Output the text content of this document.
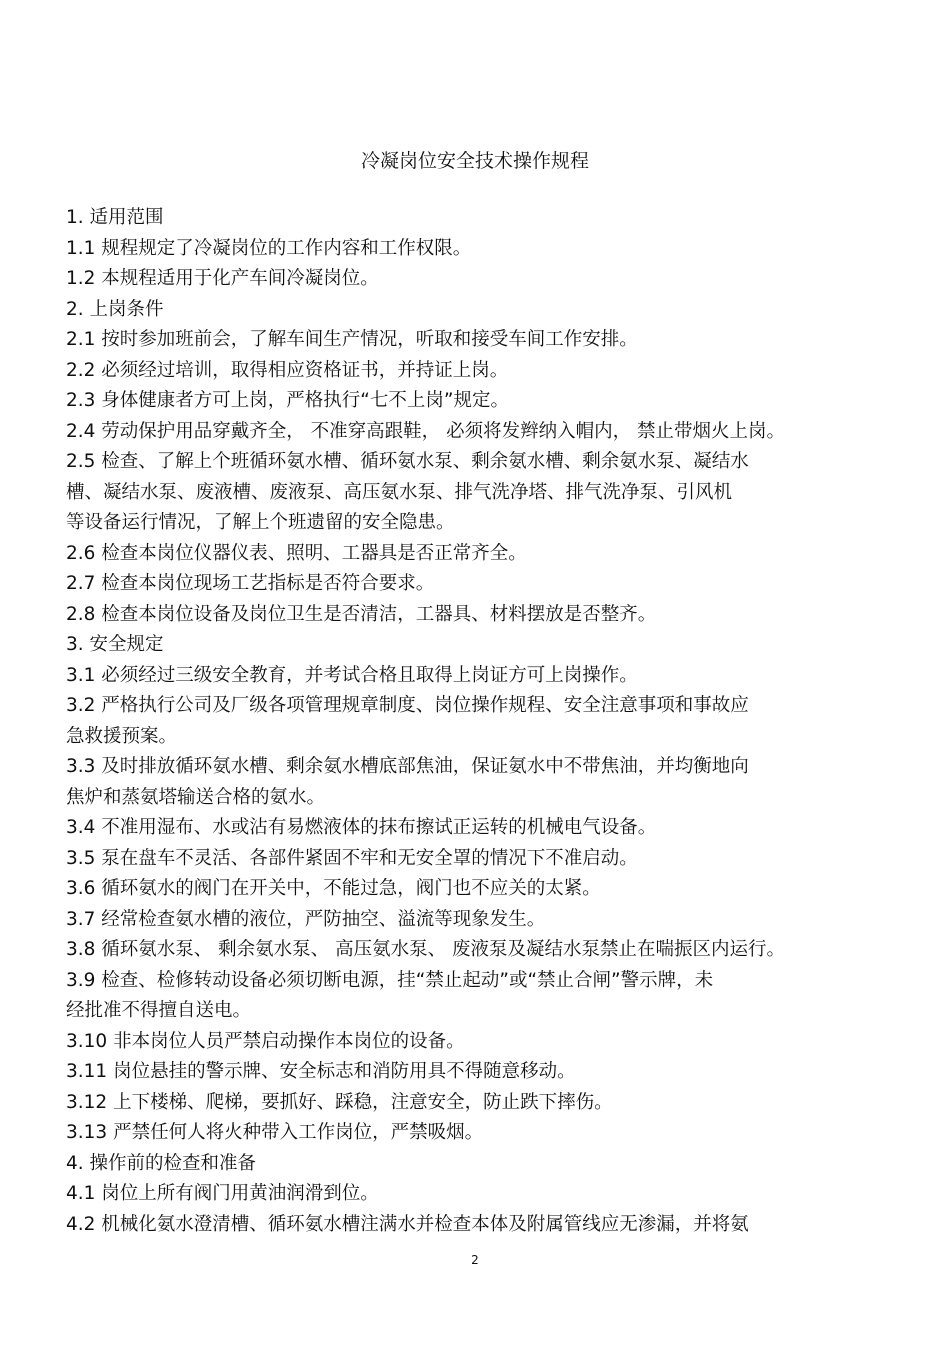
冷凝岗位安全技术操作规程
1. 适用范围
1.1 规程规定了冷凝岗位的工作内容和工作权限。
1.2 本规程适用于化产车间冷凝岗位。
2. 上岗条件
2.1 按时参加班前会，了解车间生产情况，听取和接受车间工作安排。
2.2 必须经过培训，取得相应资格证书，并持证上岗。
2.3 身体健康者方可上岗，严格执行“七不上岗”规定。
2.4 劳动保护用品穿戴齐全， 不准穿高跟鞋， 必须将发辫纳入帽内， 禁止带烟火上岗。
2.5 检查、了解上个班循环氨水槽、循环氨水泵、剩余氨水槽、剩余氨水泵、凝结水
槽、凝结水泵、废液槽、废液泵、高压氨水泵、排气洗净塔、排气洗净泵、引风机
等设备运行情况，了解上个班遗留的安全隐患。
2.6 检查本岗位仪器仪表、照明、工器具是否正常齐全。
2.7 检查本岗位现场工艺指标是否符合要求。
2.8 检查本岗位设备及岗位卫生是否清洁，工器具、材料摆放是否整齐。
3. 安全规定
3.1 必须经过三级安全教育，并考试合格且取得上岗证方可上岗操作。
3.2 严格执行公司及厂级各项管理规章制度、岗位操作规程、安全注意事项和事故应
急救援预案。
3.3 及时排放循环氨水槽、剩余氨水槽底部焦油，保证氨水中不带焦油，并均衡地向
焦炉和蒸氨塔输送合格的氨水。
3.4 不准用湿布、水或沾有易燃液体的抹布擦试正运转的机械电气设备。
3.5 泵在盘车不灵活、各部件紧固不牢和无安全罩的情况下不准启动。
3.6 循环氨水的阀门在开关中，不能过急，阀门也不应关的太紧。
3.7 经常检查氨水槽的液位，严防抽空、溢流等现象发生。
3.8 循环氨水泵、 剩余氨水泵、 高压氨水泵、 废液泵及凝结水泵禁止在喘振区内运行。
3.9 检查、检修转动设备必须切断电源，挂“禁止起动”或“禁止合闸”警示牌，未
经批准不得擅自送电。
3.10 非本岗位人员严禁启动操作本岗位的设备。
3.11 岗位悬挂的警示牌、安全标志和消防用具不得随意移动。
3.12 上下楼梯、爬梯，要抓好、踩稳，注意安全，防止跌下摔伤。
3.13 严禁任何人将火种带入工作岗位，严禁吸烟。
4. 操作前的检查和准备
4.1 岗位上所有阀门用黄油润滑到位。
4.2 机械化氨水澄清槽、循环氨水槽注满水并检查本体及附属管线应无渗漏，并将氨
2
